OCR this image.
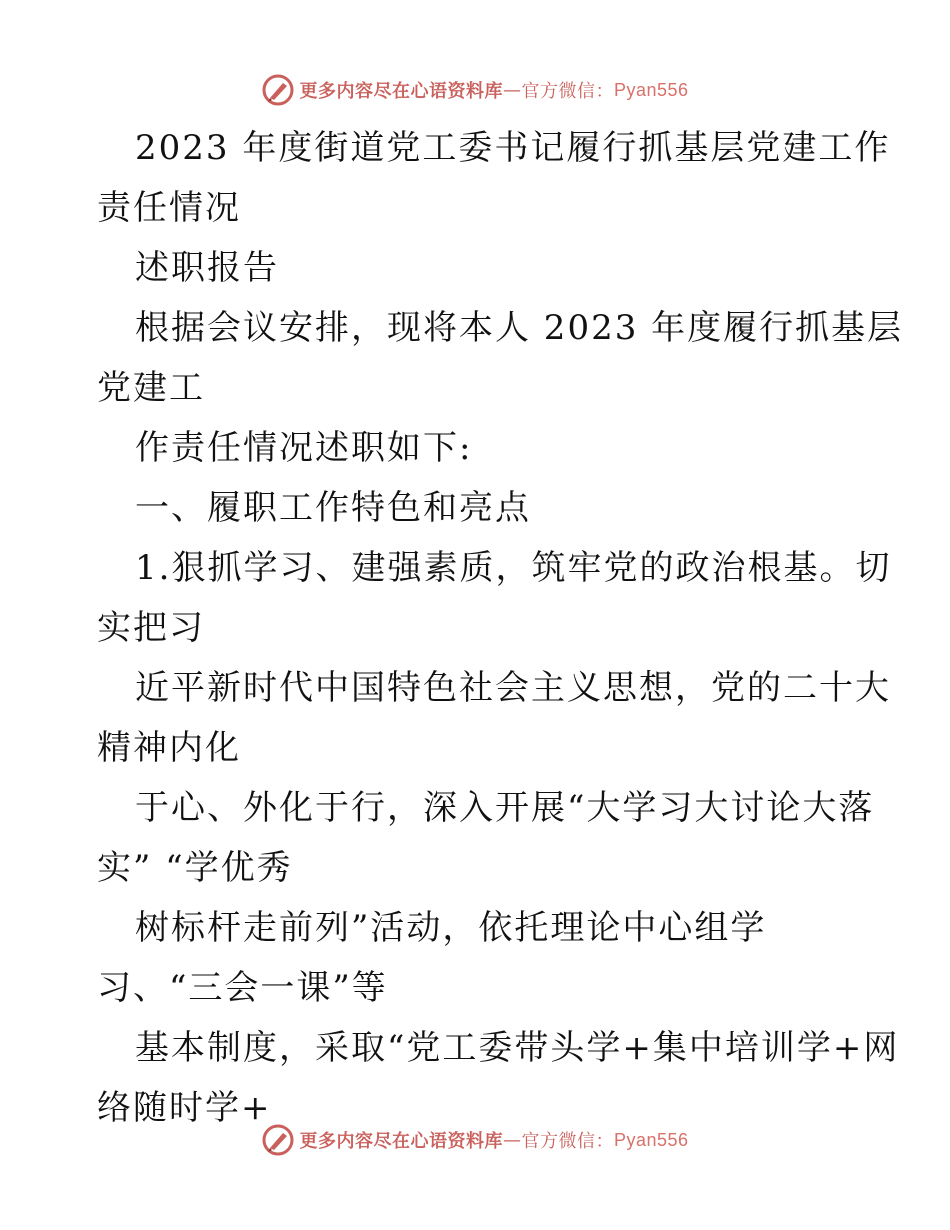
更多内容尽在心语资料库 — 官方微信： Pyan556
2023 年度街道党工委书记履行抓基层党建工作
责任情况
述职报告
根据会议安排，现将本人 2023 年度履行抓基层
党建工
作责任情况述职如下:
一、履职工作特色和亮点
1.狠抓学习、建强素质，筑牢党的政治根基。切
实把习
近平新时代中国特色社会主义思想，党的二十大
精神内化
于心、外化于行，深入开展“大学习大讨论大落
实” “学优秀
树标杆走前列”活动，依托理论中心组学
习、“三会一课”等
基本制度，采取“党工委带头学+集中培训学+网
络随时学+
更多内容尽在心语资料库 — 官方微信： Pyan556
